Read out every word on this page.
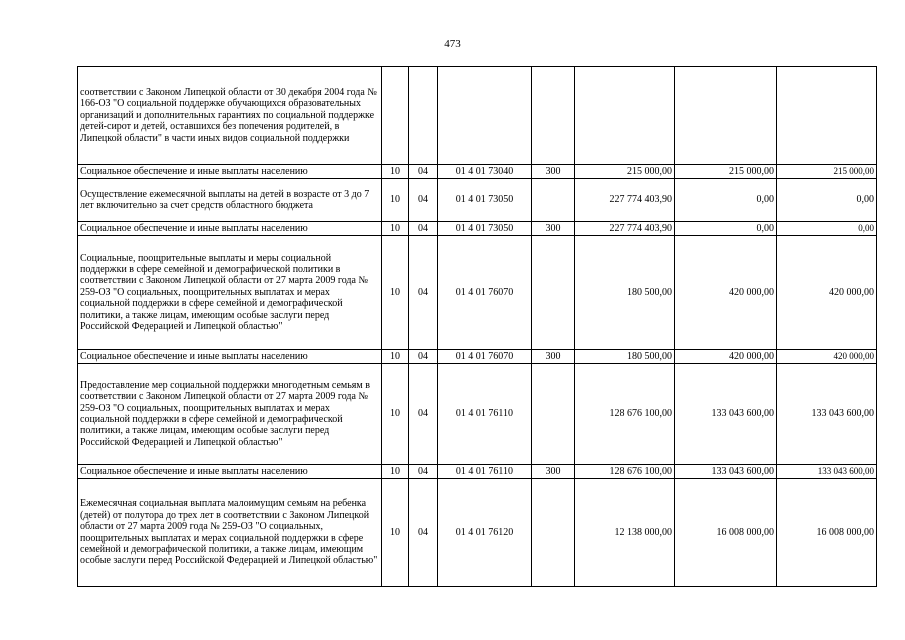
473
соответствии с Законом Липецкой области от 30 декабря 2004 года № 166-ОЗ "О социальной поддержке обучающихся образовательных организаций и дополнительных гарантиях по социальной поддержке детей-сирот и детей, оставшихся без попечения родителей, в Липецкой области" в части иных видов социальной поддержки							
Социальное обеспечение и иные выплаты населению	10	04	01 4 01 73040	300	215 000,00	215 000,00	215 000,00
Осуществление ежемесячной выплаты на детей в возрасте от 3 до 7 лет включительно за счет средств областного бюджета	10	04	01 4 01 73050		227 774 403,90	0,00	0,00
Социальное обеспечение и иные выплаты населению	10	04	01 4 01 73050	300	227 774 403,90	0,00	0,00
Социальные, поощрительные выплаты и меры социальной поддержки в сфере семейной и демографической политики в соответствии с Законом Липецкой области от 27 марта 2009 года № 259-ОЗ "О социальных, поощрительных выплатах и мерах социальной поддержки в сфере семейной и демографической политики, а также лицам, имеющим особые заслуги перед Российской Федерацией и Липецкой областью"	10	04	01 4 01 76070		180 500,00	420 000,00	420 000,00
Социальное обеспечение и иные выплаты населению	10	04	01 4 01 76070	300	180 500,00	420 000,00	420 000,00
Предоставление мер социальной поддержки многодетным семьям в соответствии с Законом Липецкой области от 27 марта 2009 года № 259-ОЗ "О социальных, поощрительных выплатах и мерах социальной поддержки в сфере семейной и демографической политики, а также лицам, имеющим особые заслуги перед Российской Федерацией и Липецкой областью"	10	04	01 4 01 76110		128 676 100,00	133 043 600,00	133 043 600,00
Социальное обеспечение и иные выплаты населению	10	04	01 4 01 76110	300	128 676 100,00	133 043 600,00	133 043 600,00
Ежемесячная социальная выплата малоимущим семьям на ребенка (детей) от полутора до трех лет в соответствии с Законом Липецкой области от 27 марта 2009 года № 259-ОЗ "О социальных, поощрительных выплатах и мерах социальной поддержки в сфере семейной и демографической политики, а также лицам, имеющим особые заслуги перед Российской Федерацией и Липецкой областью"	10	04	01 4 01 76120		12 138 000,00	16 008 000,00	16 008 000,00
